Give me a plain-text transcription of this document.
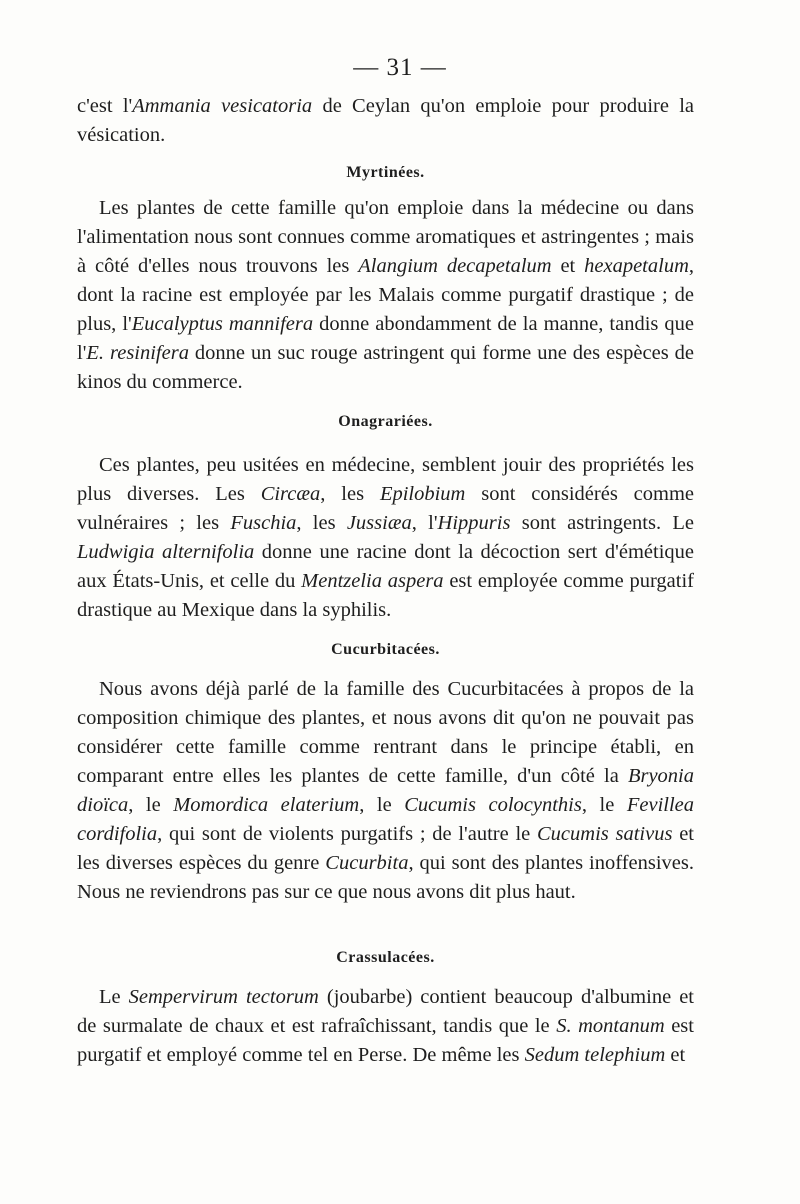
— 31 —

c'est l'Ammania vesicatoria de Ceylan qu'on emploie pour produire la vésication.

Myrtinées.

Les plantes de cette famille qu'on emploie dans la médecine ou dans l'alimentation nous sont connues comme aromatiques et astringentes ; mais à côté d'elles nous trouvons les Alangium decapetalum et hexapetalum, dont la racine est employée par les Malais comme purgatif drastique ; de plus, l'Eucalyptus mannifera donne abondamment de la manne, tandis que l'E. resinifera donne un suc rouge astringent qui forme une des espèces de kinos du commerce.

Onagrariées.

Ces plantes, peu usitées en médecine, semblent jouir des propriétés les plus diverses. Les Circæa, les Epilobium sont considérés comme vulnéraires ; les Fuschia, les Jussiæa, l'Hippuris sont astringents. Le Ludwigia alternifolia donne une racine dont la décoction sert d'émétique aux États-Unis, et celle du Mentzelia aspera est employée comme purgatif drastique au Mexique dans la syphilis.

Cucurbitacées.

Nous avons déjà parlé de la famille des Cucurbitacées à propos de la composition chimique des plantes, et nous avons dit qu'on ne pouvait pas considérer cette famille comme rentrant dans le principe établi, en comparant entre elles les plantes de cette famille, d'un côté la Bryonia dioïca, le Momordica elaterium, le Cucumis colocynthis, le Fevillea cordifolia, qui sont de violents purgatifs ; de l'autre le Cucumis sativus et les diverses espèces du genre Cucurbita, qui sont des plantes inoffensives. Nous ne reviendrons pas sur ce que nous avons dit plus haut.

Crassulacées.

Le Sempervirum tectorum (joubarbe) contient beaucoup d'albumine et de surmalate de chaux et est rafraîchissant, tandis que le S. montanum est purgatif et employé comme tel en Perse. De même les Sedum telephium et
